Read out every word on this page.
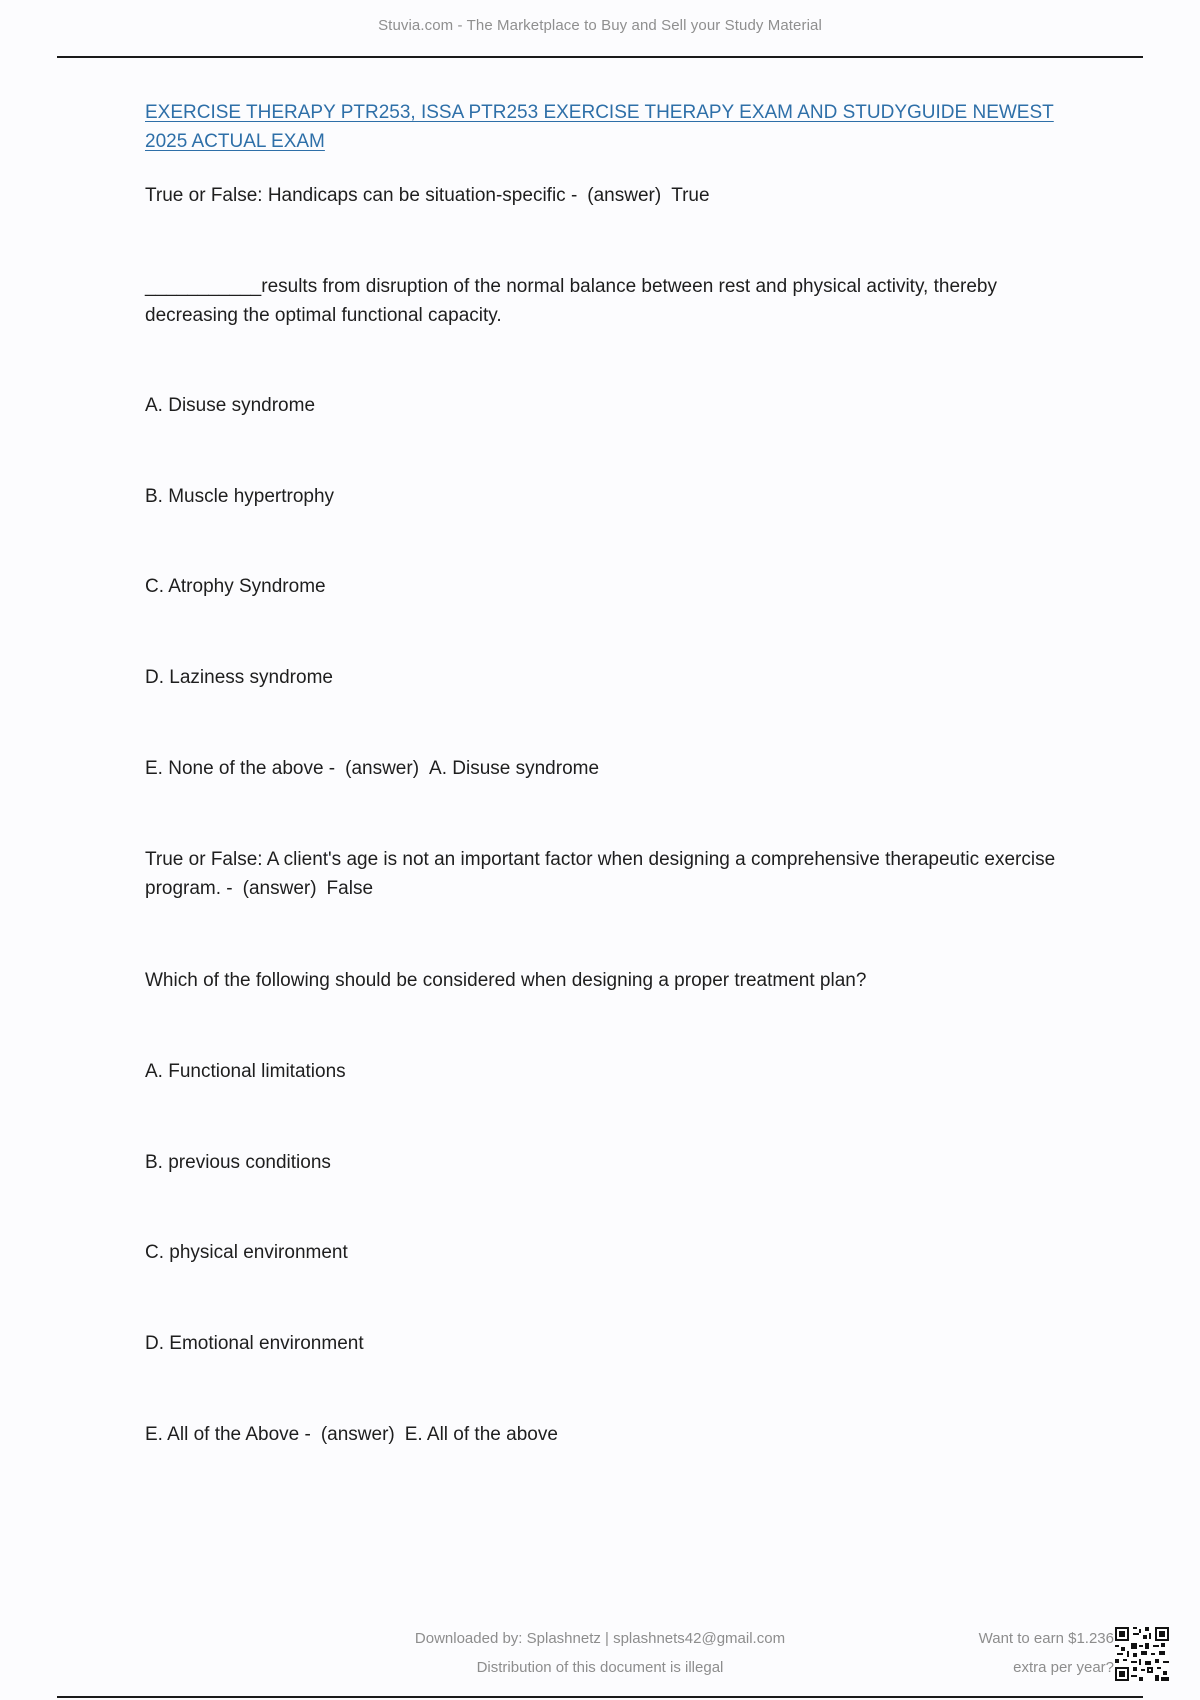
Stuvia.com - The Marketplace to Buy and Sell your Study Material
EXERCISE THERAPY PTR253, ISSA PTR253 EXERCISE THERAPY EXAM AND STUDYGUIDE NEWEST 2025 ACTUAL EXAM
True or False: Handicaps can be situation-specific - (answer) True
___________results from disruption of the normal balance between rest and physical activity, thereby decreasing the optimal functional capacity.
A. Disuse syndrome
B. Muscle hypertrophy
C. Atrophy Syndrome
D. Laziness syndrome
E. None of the above - (answer) A. Disuse syndrome
True or False: A client's age is not an important factor when designing a comprehensive therapeutic exercise program. - (answer) False
Which of the following should be considered when designing a proper treatment plan?
A. Functional limitations
B. previous conditions
C. physical environment
D. Emotional environment
E. All of the Above - (answer) E. All of the above
Downloaded by: Splashnetz | splashnets42@gmail.com
Distribution of this document is illegal
Want to earn $1.236
extra per year?
